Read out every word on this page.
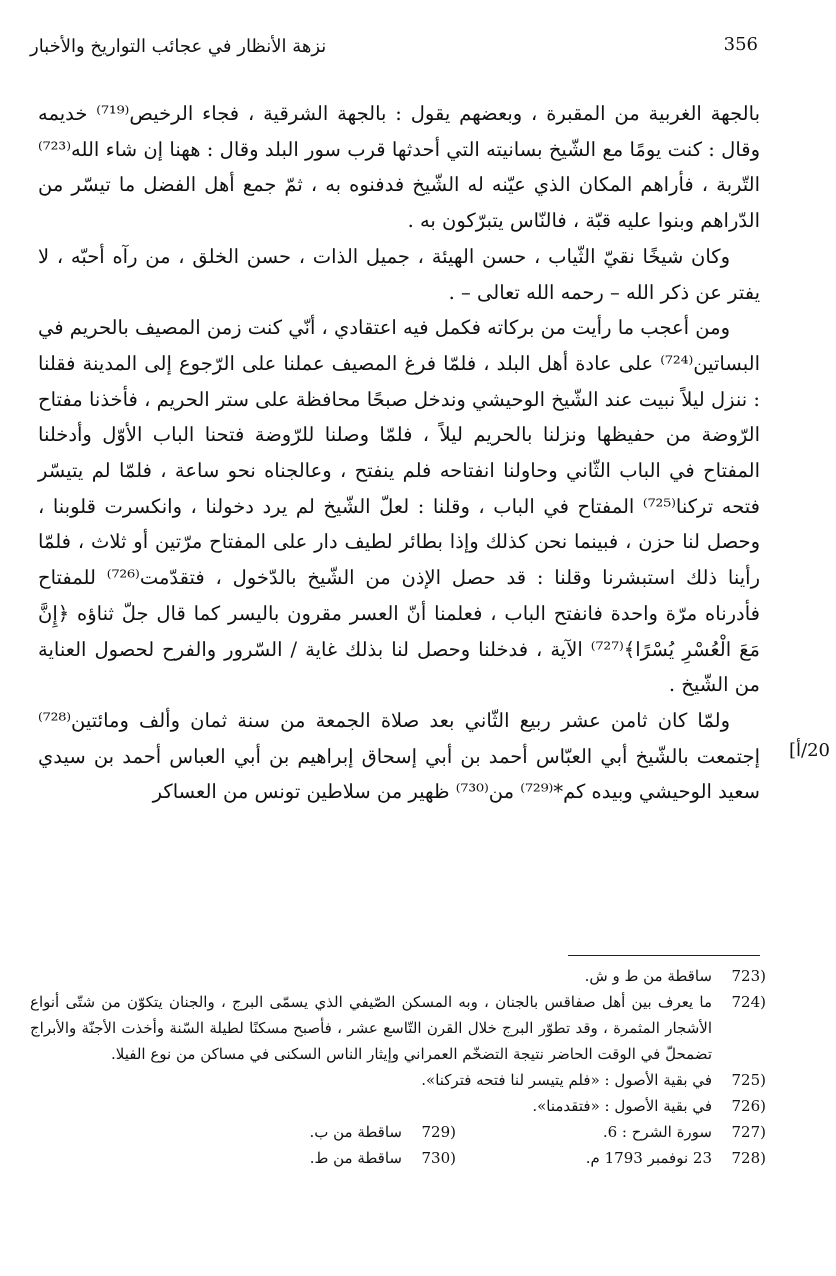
نزهة الأنظار في عجائب التواريخ والأخبار	356

بالجهة الغربية من المقبرة ، وبعضهم يقول : بالجهة الشرقية ، فجاء الرخيص⁽⁷¹⁹⁾ خديمه وقال : كنت يومًا مع الشّيخ بسانيته التي أحدثها قرب سور البلد وقال : ههنا إن شاء الله⁽⁷²³⁾ التّربة ، فأراهم المكان الذي عيّنه له الشّيخ فدفنوه به ، ثمّ جمع أهل الفضل ما تيسّر من الدّراهم وبنوا عليه قبّة ، فالنّاس يتبرّكون به .

وكان شيخًا نقيّ الثّياب ، حسن الهيئة ، جميل الذات ، حسن الخلق ، من رآه أحبّه ، لا يفتر عن ذكر الله – رحمه الله تعالى – .

ومن أعجب ما رأيت من بركاته فكمل فيه اعتقادي ، أنّي كنت زمن المصيف بالحريم في البساتين⁽⁷²⁴⁾ على عادة أهل البلد ، فلمّا فرغ المصيف عملنا على الرّجوع إلى المدينة فقلنا : ننزل ليلاً نبيت عند الشّيخ الوحيشي وندخل صبحًا محافظة على ستر الحريم ، فأخذنا مفتاح الرّوضة من حفيظها ونزلنا بالحريم ليلاً ، فلمّا وصلنا للرّوضة فتحنا الباب الأوّل وأدخلنا المفتاح في الباب الثّاني وحاولنا انفتاحه فلم ينفتح ، وعالجناه نحو ساعة ، فلمّا لم يتيسّر فتحه تركنا⁽⁷²⁵⁾ المفتاح في الباب ، وقلنا : لعلّ الشّيخ لم يرد دخولنا ، وانكسرت قلوبنا ، وحصل لنا حزن ، فبينما نحن كذلك وإذا بطائر لطيف دار على المفتاح مرّتين أو ثلاث ، فلمّا رأينا ذلك استبشرنا وقلنا : قد حصل الإذن من الشّيخ بالدّخول ، فتقدّمت⁽⁷²⁶⁾ للمفتاح فأدرناه مرّة واحدة فانفتح الباب ، فعلمنا أنّ العسر مقرون باليسر كما قال جلّ ثناؤه ﴿إِنَّ مَعَ الْعُسْرِ يُسْرًا﴾⁽⁷²⁷⁾ الآية ، فدخلنا وحصل لنا بذلك غاية / السّرور والفرح لحصول العناية من الشّيخ .

ولمّا كان ثامن عشر ربيع الثّاني بعد صلاة الجمعة من سنة ثمان وألف ومائتين⁽⁷²⁸⁾ إجتمعت بالشّيخ أبي العبّاس أحمد بن أبي إسحاق إبراهيم بن أبي العباس أحمد بن سيدي سعيد الوحيشي وبيده كم*⁽⁷²⁹⁾ من⁽⁷³⁰⁾ ظهير من سلاطين تونس من العساكر

20/أ]
723)
ساقطة من ط و ش.
724)
ما يعرف بين أهل صفاقس بالجنان ، وبه المسكن الصّيفي الذي يسمّى البرج ، والجنان يتكوّن من شتّى أنواع الأشجار المثمرة ، وقد تطوّر البرج خلال القرن التّاسع عشر ، فأصبح مسكنًا لطيلة السّنة وأخذت الأجنّة والأبراج تضمحلّ في الوقت الحاضر نتيجة التضخّم العمراني وإيثار الناس السكنى في مساكن من نوع الفيلا.
725)
في بقية الأصول : «فلم يتيسر لنا فتحه فتركنا».
726)
في بقية الأصول : «فتقدمنا».
727)
سورة الشرح : 6.
729)
ساقطة من ب.
728)
23 نوفمبر 1793 م.
730)
ساقطة من ط.
